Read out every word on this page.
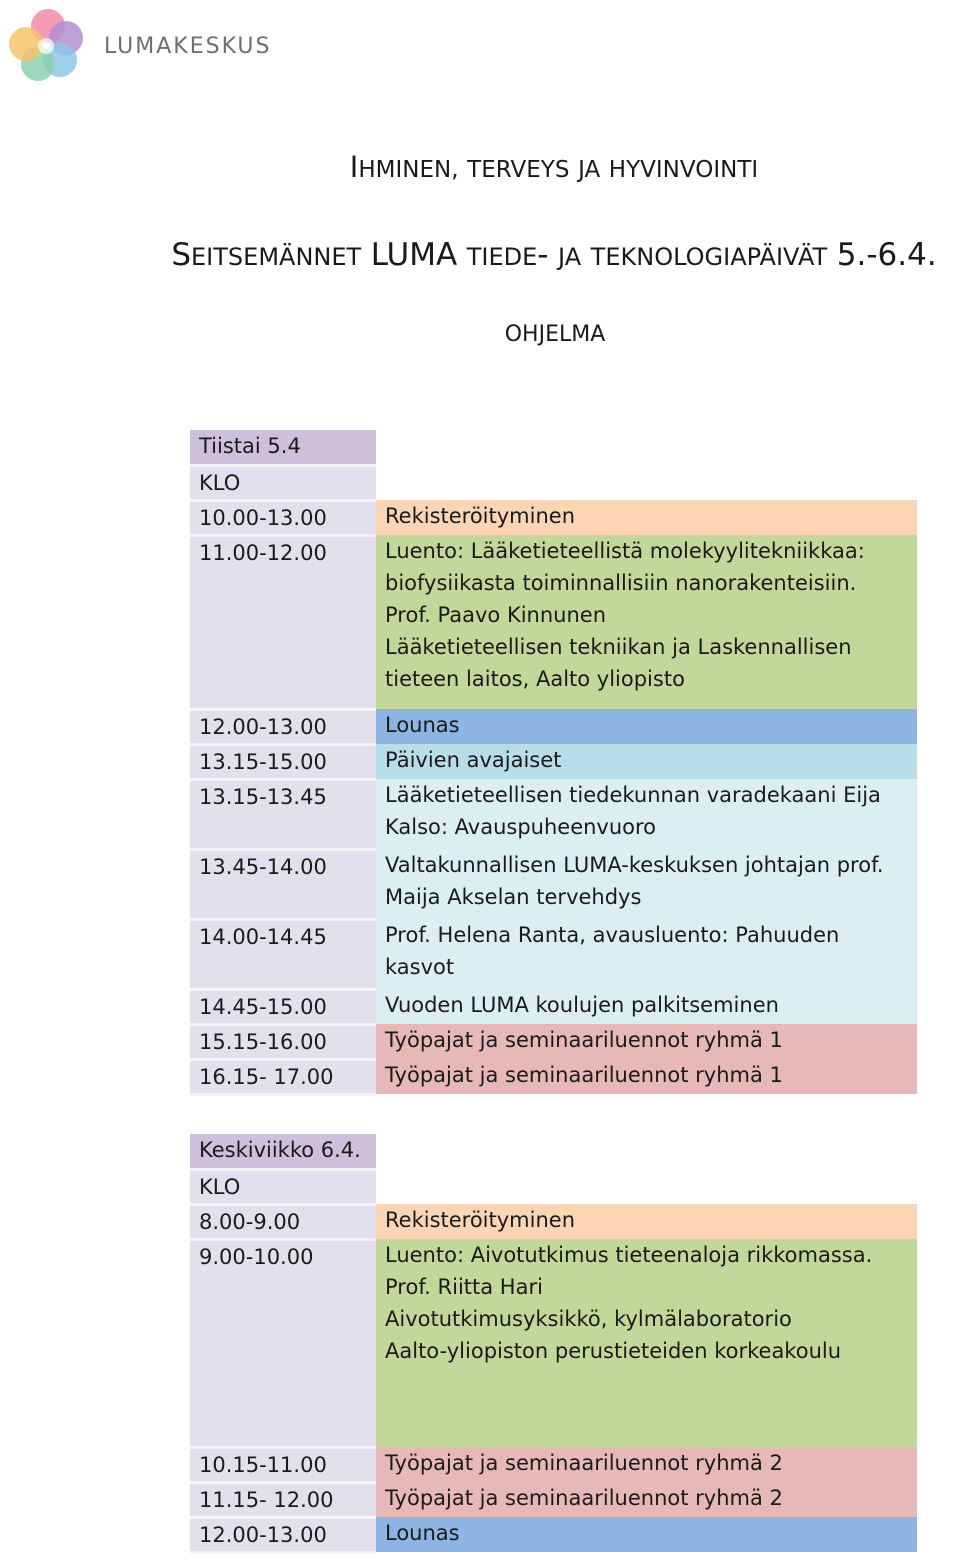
LUMAKESKUS
IHMINEN, TERVEYS JA HYVINVOINTI
SEITSEMÄNNET LUMA TIEDE- JA TEKNOLOGIAPÄIVÄT 5.-6.4.
OHJELMA
Tiistai 5.4	
KLO	
10.00-13.00	Rekisteröityminen

11.00-12.00	Luento: Lääketieteellistä molekyylitekniikkaa:
biofysiikasta toiminnallisiin nanorakenteisiin.
Prof. Paavo Kinnunen
Lääketieteellisen tekniikan ja Laskennallisen
tieteen laitos, Aalto yliopisto

12.00-13.00	Lounas

13.15-15.00	Päivien avajaiset

13.15-13.45	Lääketieteellisen tiedekunnan varadekaani Eija
Kalso: Avauspuheenvuoro

13.45-14.00	Valtakunnallisen LUMA-keskuksen johtajan prof.
Maija Akselan tervehdys

14.00-14.45	Prof. Helena Ranta, avausluento: Pahuuden
kasvot

14.45-15.00	Vuoden LUMA koulujen palkitseminen

15.15-16.00	Työpajat ja seminaariluennot ryhmä 1

16.15- 17.00	Työpajat ja seminaariluennot ryhmä 1
Keskiviikko 6.4.	
KLO	
8.00-9.00	Rekisteröityminen

9.00-10.00	Luento: Aivotutkimus tieteenaloja rikkomassa.
Prof. Riitta Hari
Aivotutkimusyksikkö, kylmälaboratorio
Aalto-yliopiston perustieteiden korkeakoulu

10.15-11.00	Työpajat ja seminaariluennot ryhmä 2

11.15- 12.00	Työpajat ja seminaariluennot ryhmä 2

12.00-13.00	Lounas
